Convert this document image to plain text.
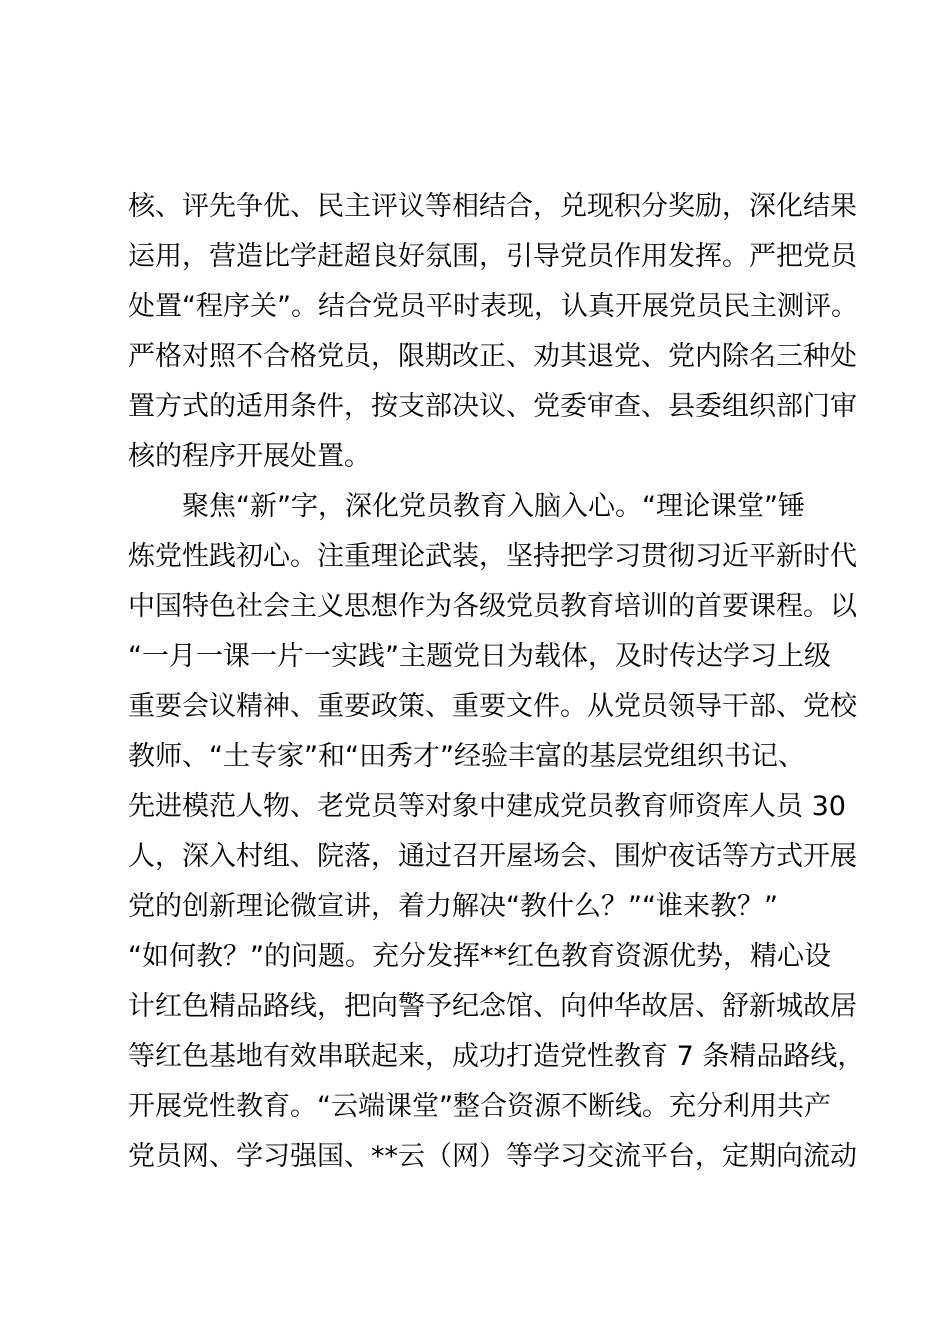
核、评先争优、民主评议等相结合，兑现积分奖励，深化结果
运用，营造比学赶超良好氛围，引导党员作用发挥。严把党员
处置“程序关”。结合党员平时表现，认真开展党员民主测评。
严格对照不合格党员，限期改正、劝其退党、党内除名三种处
置方式的适用条件，按支部决议、党委审查、县委组织部门审
核的程序开展处置。
聚焦“新”字，深化党员教育入脑入心。“理论课堂”锤
炼党性践初心。注重理论武装，坚持把学习贯彻习近平新时代
中国特色社会主义思想作为各级党员教育培训的首要课程。以
“一月一课一片一实践”主题党日为载体，及时传达学习上级
重要会议精神、重要政策、重要文件。从党员领导干部、党校
教师、“土专家”和“田秀才”经验丰富的基层党组织书记、
先进模范人物、老党员等对象中建成党员教育师资库人员 30
人，深入村组、院落，通过召开屋场会、围炉夜话等方式开展
党的创新理论微宣讲，着力解决“教什么？”“谁来教？”
“如何教？”的问题。充分发挥**红色教育资源优势，精心设
计红色精品路线，把向警予纪念馆、向仲华故居、舒新城故居
等红色基地有效串联起来，成功打造党性教育 7 条精品路线，
开展党性教育。“云端课堂”整合资源不断线。充分利用共产
党员网、学习强国、**云（网）等学习交流平台，定期向流动
